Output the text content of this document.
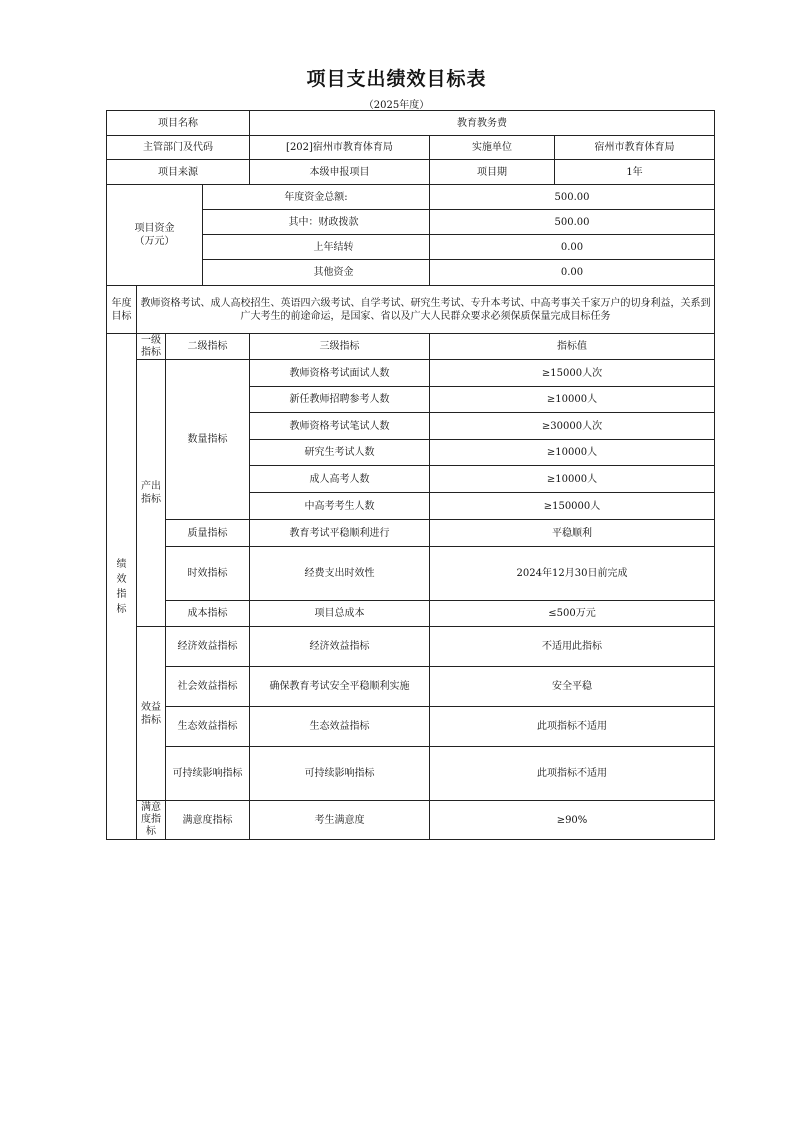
项目支出绩效目标表
（2025年度）
项目名称				教育教务费		
主管部门及代码				[202]宿州市教育体育局	实施单位	宿州市教育体育局
项目来源				本级申报项目	项目期	1年
项目资金
（万元）			年度资金总额:		500.00	
			其中：财政拨款		500.00	
			上年结转		0.00	
			其他资金		0.00	
年度
目标	教师资格考试、成人高校招生、英语四六级考试、自学考试、研究生考试、专升本考试、中高考事关千家万户的切身利益，关系到广大考生的前途命运，是国家、省以及广大人民群众要求必须保质保量完成目标任务					
绩
效
指
标	一级
指标	二级指标		三级指标	指标值	
	产出
指标	数量指标		教师资格考试面试人数	≥15000人次	
				新任教师招聘参考人数	≥10000人	
				教师资格考试笔试人数	≥30000人次	
				研究生考试人数	≥10000人	
				成人高考人数	≥10000人	
				中高考考生人数	≥150000人	
		质量指标		教育考试平稳顺利进行	平稳顺利	
		时效指标		经费支出时效性	2024年12月30日前完成	
		成本指标		项目总成本	≤500万元	
	效益
指标	经济效益指标		经济效益指标	不适用此指标	
		社会效益指标		确保教育考试安全平稳顺利实施	安全平稳	
		生态效益指标		生态效益指标	此项指标不适用	
		可持续影响指标		可持续影响指标	此项指标不适用	
	满意
度指
标	满意度指标		考生满意度	≥90%	
